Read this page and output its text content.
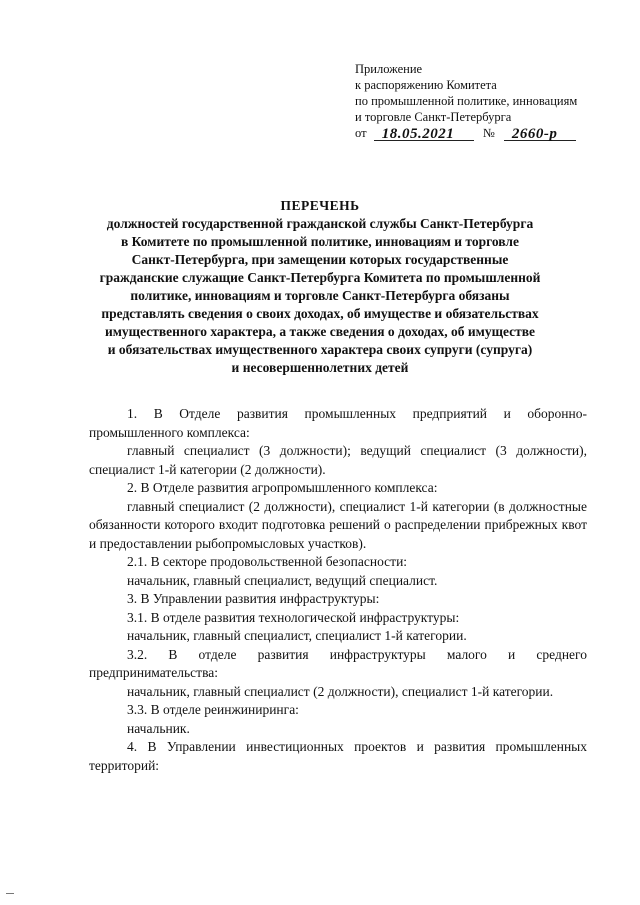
Приложение
к распоряжению Комитета
по промышленной политике, инновациям
и торговле Санкт-Петербурга
от 18.05.2021 № 2660-р
ПЕРЕЧЕНЬ
должностей государственной гражданской службы Санкт-Петербурга
в Комитете по промышленной политике, инновациям и торговле
Санкт-Петербурга, при замещении которых государственные
гражданские служащие Санкт-Петербурга Комитета по промышленной
политике, инновациям и торговле Санкт-Петербурга обязаны
представлять сведения о своих доходах, об имуществе и обязательствах
имущественного характера, а также сведения о доходах, об имуществе
и обязательствах имущественного характера своих супруги (супруга)
и несовершеннолетних детей

1. В Отделе развития промышленных предприятий и оборонно-промышленного комплекса:

главный специалист (3 должности); ведущий специалист (3 должности), специалист 1-й категории (2 должности).

2. В Отделе развития агропромышленного комплекса:

главный специалист (2 должности), специалист 1-й категории (в должностные обязанности которого входит подготовка решений о распределении прибрежных квот и предоставлении рыбопромысловых участков).

2.1. В секторе продовольственной безопасности:

начальник, главный специалист, ведущий специалист.

3. В Управлении развития инфраструктуры:

3.1. В отделе развития технологической инфраструктуры:

начальник, главный специалист, специалист 1-й категории.

3.2. В отделе развития инфраструктуры малого и среднего предпринимательства:

начальник, главный специалист (2 должности), специалист 1-й категории.

3.3. В отделе реинжиниринга:

начальник.

4. В Управлении инвестиционных проектов и развития промышленных территорий:
